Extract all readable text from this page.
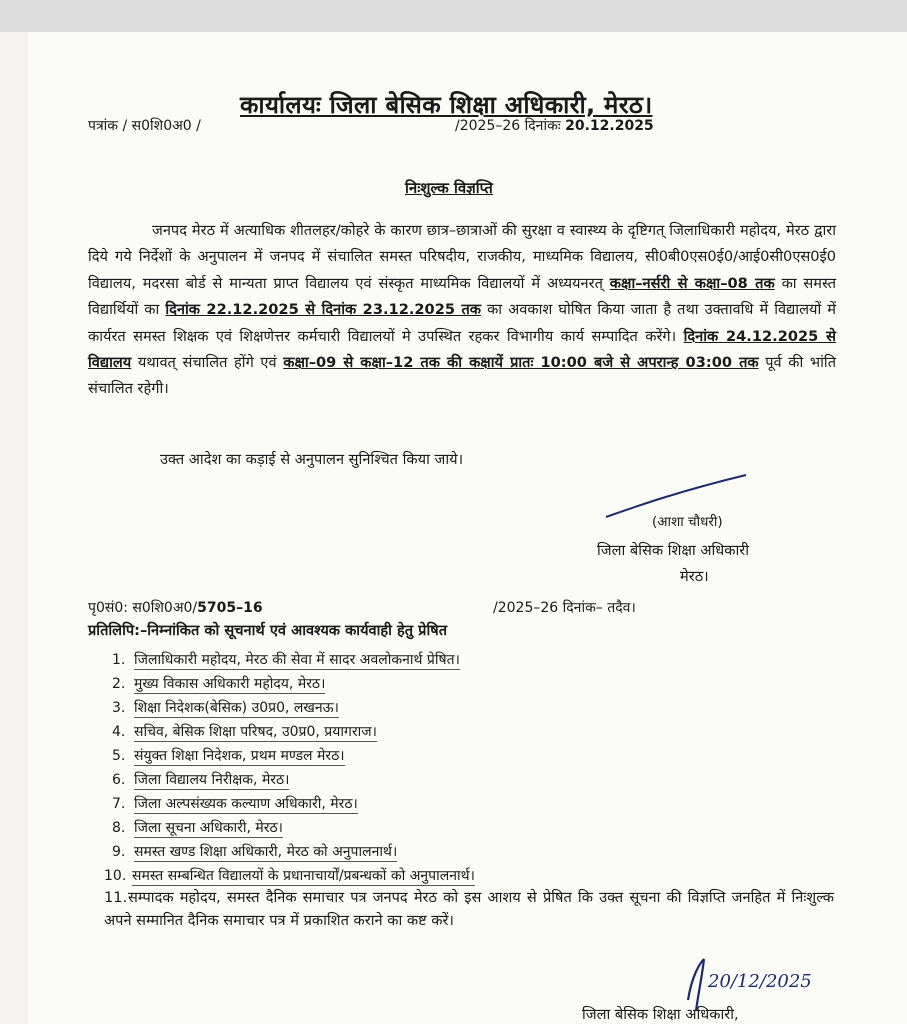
कार्यालयः जिला बेसिक शिक्षा अधिकारी, मेरठ।
पत्रांक / स0शि0अ0 /	/2025–26 दिनांकः 20.12.2025
निःशुल्क विज्ञप्ति
जनपद मेरठ में अत्याधिक शीतलहर/कोहरे के कारण छात्र–छात्राओं की सुरक्षा व स्वास्थ्य के दृष्टिगत् जिलाधिकारी महोदय, मेरठ द्वारा दिये गये निर्देशों के अनुपालन में जनपद में संचालित समस्त परिषदीय, राजकीय, माध्यमिक विद्यालय, सी0बी0एस0ई0/आई0सी0एस0ई0 विद्यालय, मदरसा बोर्ड से मान्यता प्राप्त विद्यालय एवं संस्कृत माध्यमिक विद्यालयों में अध्ययनरत् कक्षा–नर्सरी से कक्षा–08 तक का समस्त विद्यार्थियों का दिनांक 22.12.2025 से दिनांक 23.12.2025 तक का अवकाश घोषित किया जाता है तथा उक्तावधि में विद्यालयों में कार्यरत समस्त शिक्षक एवं शिक्षणेत्तर कर्मचारी विद्यालयों मे उपस्थित रहकर विभागीय कार्य सम्पादित करेंगे। दिनांक 24.12.2025 से विद्यालय यथावत् संचालित होंगे एवं कक्षा–09 से कक्षा–12 तक की कक्षायें प्रातः 10:00 बजे से अपरान्ह 03:00 तक पूर्व की भांति संचालित रहेगी।
उक्त आदेश का कड़ाई से अनुपालन सुनिश्चित किया जाये।
(आशा चौधरी)
जिला बेसिक शिक्षा अधिकारी
मेरठ।
पृ0सं0: स0शि0अ0/5705–16	/2025–26 दिनांक– तदैव।
प्रतिलिपि:–निम्नांकित को सूचनार्थ एवं आवश्यक कार्यवाही हेतु प्रेषित
1. जिलाधिकारी महोदय, मेरठ की सेवा में सादर अवलोकनार्थ प्रेषित।
2. मुख्य विकास अधिकारी महोदय, मेरठ।
3. शिक्षा निदेशक(बेसिक) उ0प्र0, लखनऊ।
4. सचिव, बेसिक शिक्षा परिषद, उ0प्र0, प्रयागराज।
5. संयुक्त शिक्षा निदेशक, प्रथम मण्डल मेरठ।
6. जिला विद्यालय निरीक्षक, मेरठ।
7. जिला अल्पसंख्यक कल्याण अधिकारी, मेरठ।
8. जिला सूचना अधिकारी, मेरठ।
9. समस्त खण्ड शिक्षा अधिकारी, मेरठ को अनुपालनार्थ।
10. समस्त सम्बन्धित विद्यालयों के प्रधानाचार्यों/प्रबन्धकों को अनुपालनार्थ।
11.सम्पादक महोदय, समस्त दैनिक समाचार पत्र जनपद मेरठ को इस आशय से प्रेषित कि उक्त सूचना की विज्ञप्ति जनहित में निःशुल्क अपने सम्मानित दैनिक समाचार पत्र में प्रकाशित कराने का कष्ट करें।
20/12/2025
जिला बेसिक शिक्षा अधिकारी,
